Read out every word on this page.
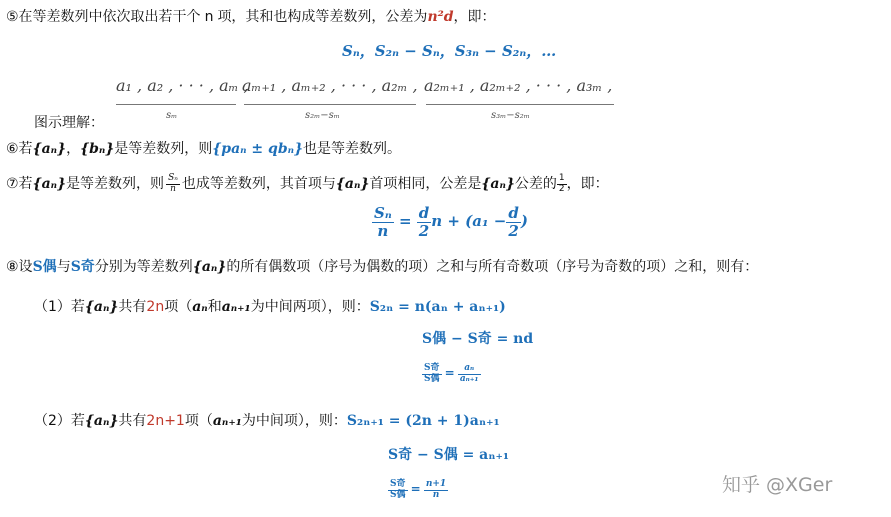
⑤在等差数列中依次取出若干个 n 项，其和也构成等差数列，公差为n²d，即：
Sₙ，S₂ₙ − Sₙ，S₃ₙ − S₂ₙ，…
a₁ , a₂ , · · · , aₘ ,
aₘ₊₁ , aₘ₊₂ , · · · , a₂ₘ , a₂ₘ₊₁ , a₂ₘ₊₂ , · · · , a₃ₘ ,
sₘ	s₂ₘ−sₘ	s₃ₘ−s₂ₘ
图示理解：
⑥若{aₙ}，{bₙ}是等差数列，则{paₙ ± qbₙ}也是等差数列。
⑦若{aₙ}是等差数列，则 $\frac{\text{Sₙ}}{n}$ 也成等差数列，其首项与{aₙ}首项相同，公差是{aₙ}公差的 $\frac{1}{2}$ ，即：
$\frac{\text{Sₙ}}{n} = \frac{d}{2}$ $n + (a_1 - \frac{d}{2}$ )
⑧设S偶与S奇分别为等差数列{aₙ}的所有偶数项（序号为偶数的项）之和与所有奇数项（序号为奇数的项）之和，则有：
（1）若{aₙ}共有2n项（aₙ和aₙ₊₁为中间两项），则：S₂ₙ = n(aₙ + aₙ₊₁)
S偶 − S奇 = nd
$\frac{\text{S奇}}{\text{S偶}} = \frac{\text{aₙ}}{\text{aₙ₊₁}}$
（2）若{aₙ}共有2n+1项（aₙ₊₁为中间项），则：S₂ₙ₊₁ = (2n + 1)aₙ₊₁
S奇 − S偶 = aₙ₊₁
$\frac{\text{S奇}}{\text{S偶}} = \frac{n+1}{n}$	知乎 @XGer
